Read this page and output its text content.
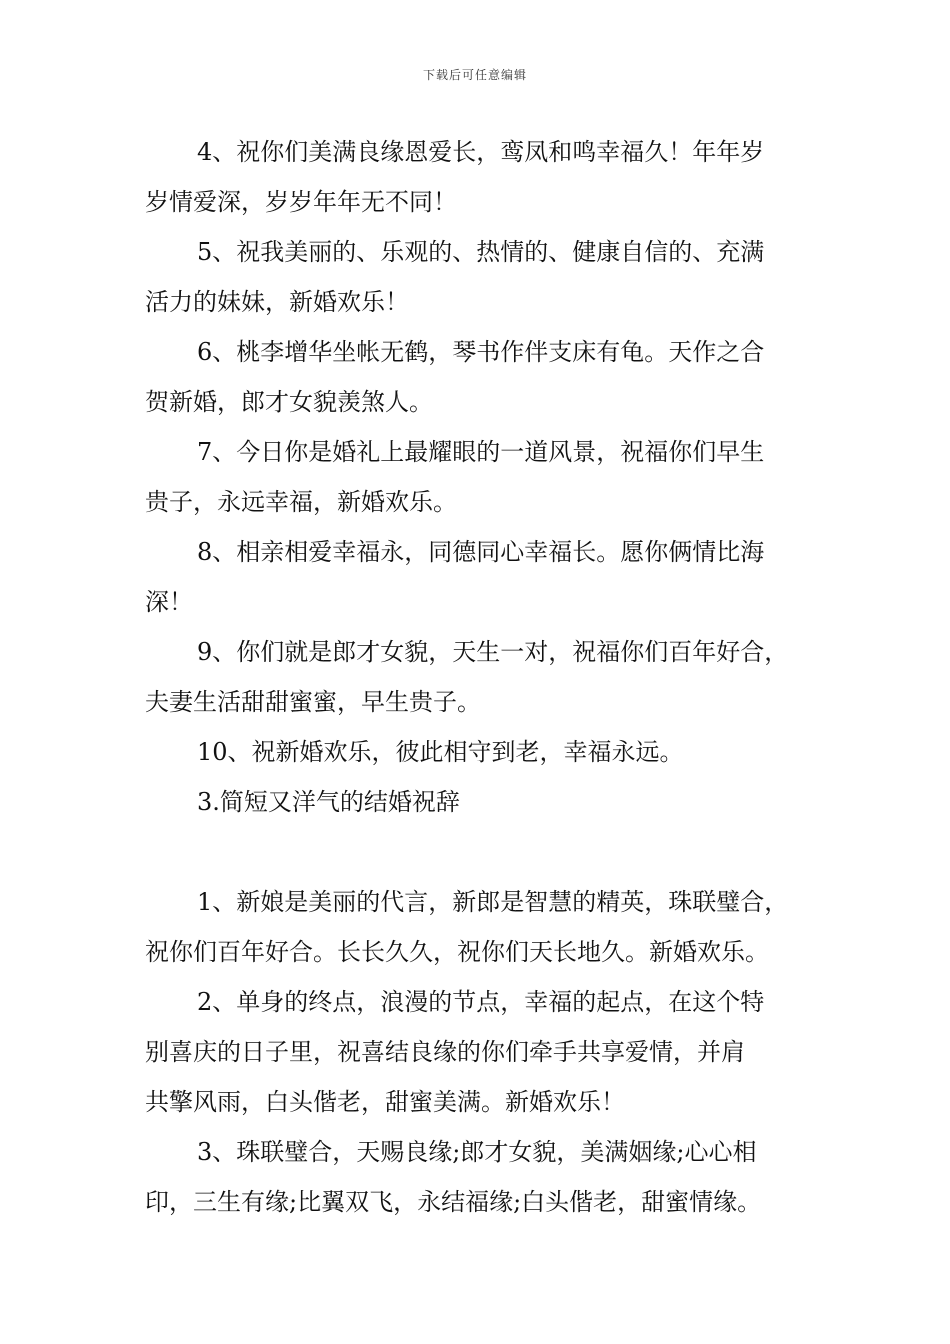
下载后可任意编辑
4、祝你们美满良缘恩爱长，鸾凤和鸣幸福久！年年岁
岁情爱深，岁岁年年无不同！
5、祝我美丽的、乐观的、热情的、健康自信的、充满
活力的妹妹，新婚欢乐！
6、桃李增华坐帐无鹤，琴书作伴支床有龟。天作之合
贺新婚，郎才女貌羡煞人。
7、今日你是婚礼上最耀眼的一道风景，祝福你们早生
贵子，永远幸福，新婚欢乐。
8、相亲相爱幸福永，同德同心幸福长。愿你俩情比海
深！
9、你们就是郎才女貌，天生一对，祝福你们百年好合，
夫妻生活甜甜蜜蜜，早生贵子。
10、祝新婚欢乐，彼此相守到老，幸福永远。
3.简短又洋气的结婚祝辞
1、新娘是美丽的代言，新郎是智慧的精英，珠联璧合，
祝你们百年好合。长长久久，祝你们天长地久。新婚欢乐。
2、单身的终点，浪漫的节点，幸福的起点，在这个特
别喜庆的日子里，祝喜结良缘的你们牵手共享爱情，并肩
共擎风雨，白头偕老，甜蜜美满。新婚欢乐！
3、珠联璧合，天赐良缘;郎才女貌，美满姻缘;心心相
印，三生有缘;比翼双飞，永结福缘;白头偕老，甜蜜情缘。
